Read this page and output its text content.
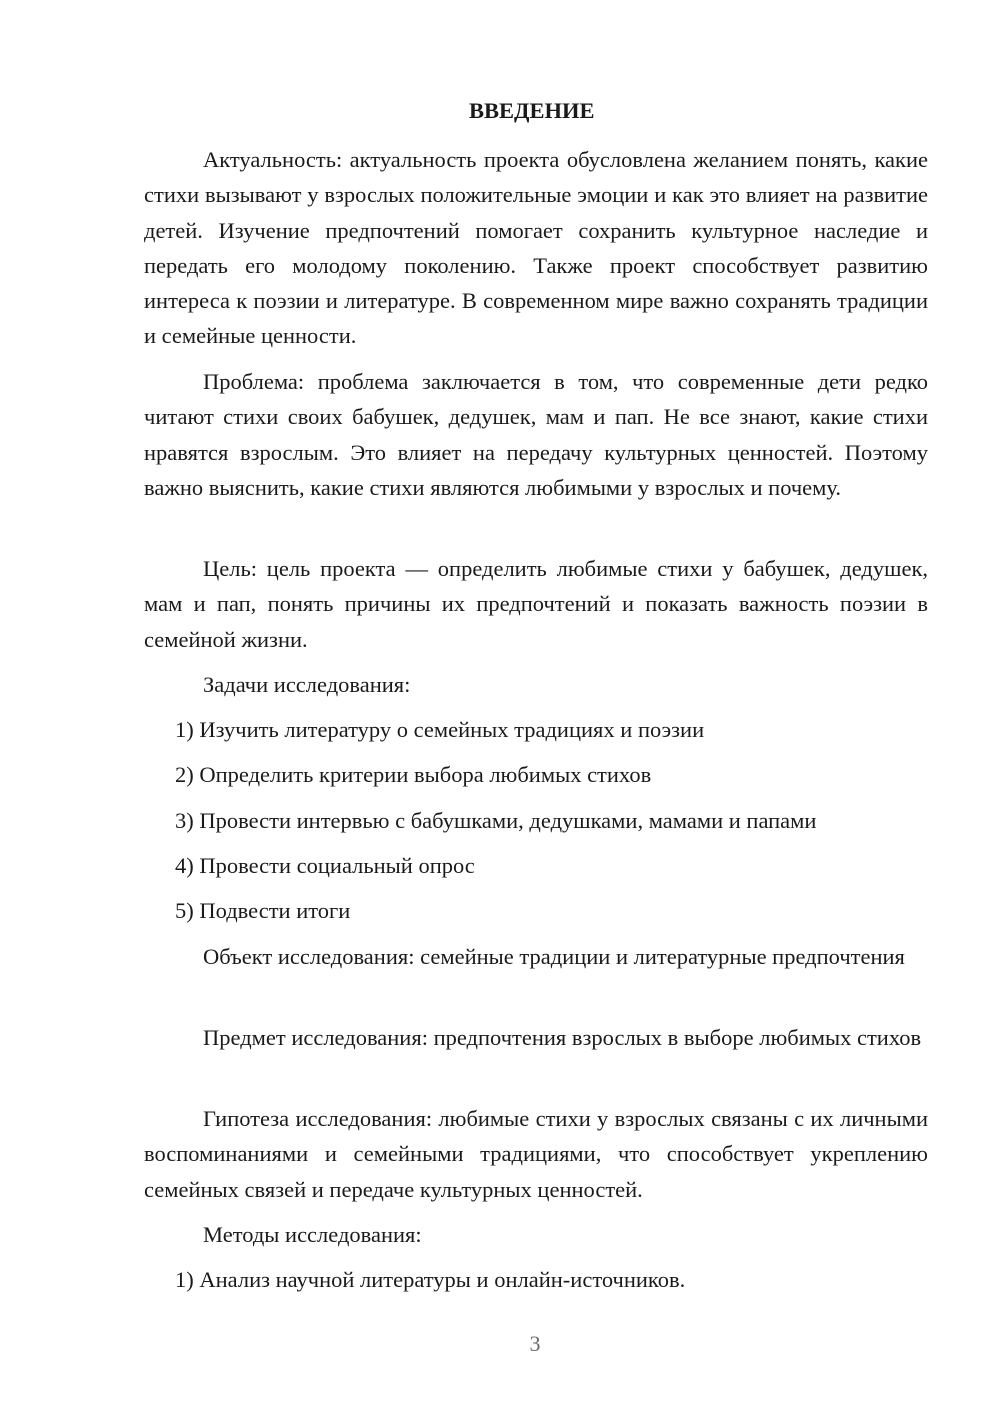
ВВЕДЕНИЕ

Актуальность: актуальность проекта обусловлена желанием понять, какие стихи вызывают у взрослых положительные эмоции и как это влияет на развитие детей. Изучение предпочтений помогает сохранить культурное наследие и передать его молодому поколению. Также проект способствует развитию интереса к поэзии и литературе. В современном мире важно сохранять традиции и семейные ценности.

Проблема: проблема заключается в том, что современные дети редко читают стихи своих бабушек, дедушек, мам и пап. Не все знают, какие стихи нравятся взрослым. Это влияет на передачу культурных ценностей. Поэтому важно выяснить, какие стихи являются любимыми у взрослых и почему.

Цель: цель проекта — определить любимые стихи у бабушек, дедушек, мам и пап, понять причины их предпочтений и показать важность поэзии в семейной жизни.

Задачи исследования:

1) Изучить литературу о семейных традициях и поэзии

2) Определить критерии выбора любимых стихов

3) Провести интервью с бабушками, дедушками, мамами и папами

4) Провести социальный опрос

5) Подвести итоги

Объект исследования: семейные традиции и литературные предпочтения

Предмет исследования: предпочтения взрослых в выборе любимых стихов

Гипотеза исследования: любимые стихи у взрослых связаны с их личными воспоминаниями и семейными традициями, что способствует укреплению семейных связей и передаче культурных ценностей.

Методы исследования:

1) Анализ научной литературы и онлайн-источников.

3
